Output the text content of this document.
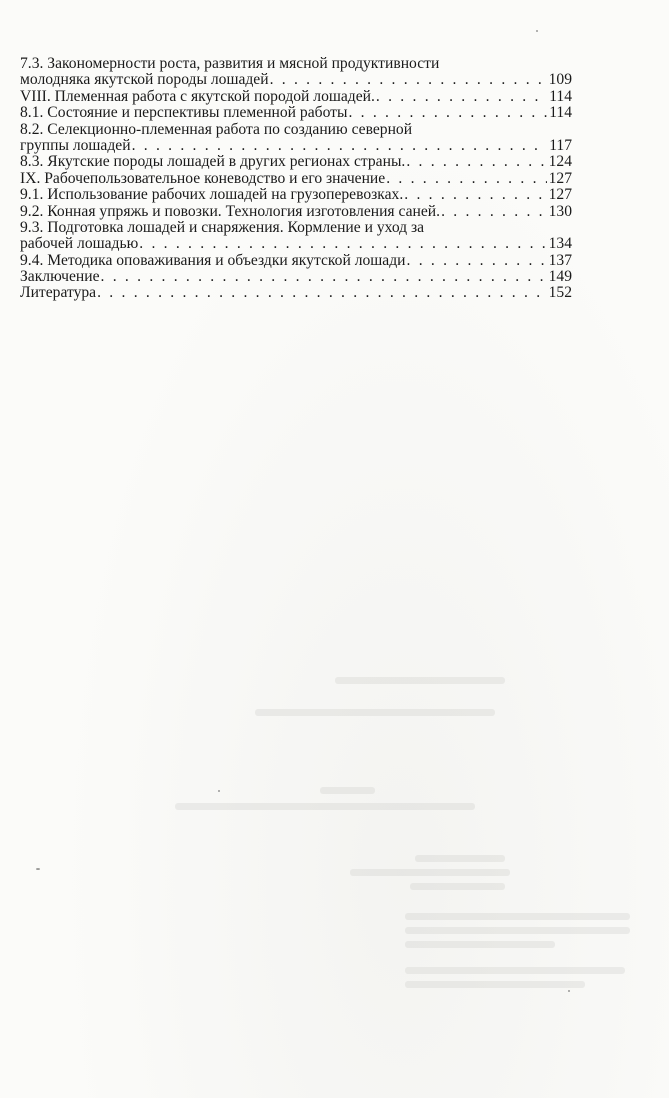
7.3. Закономерности роста, развития и мясной продуктивности
молодняка якутской породы лошадей . . .	109
VIII. Племенная работа с якутской породой лошадей. . . .	114
8.1. Состояние и перспективы племенной работы . . .	114
8.2. Селекционно-племенная работа по созданию северной
группы лошадей . . .	117
8.3. Якутские породы лошадей в других регионах страны. . . .	124
IX. Рабочепользовательное коневодство и его значение . . .	127
9.1. Использование рабочих лошадей на грузоперевозках. . . .	127
9.2. Конная упряжь и повозки. Технология изготовления саней. . . .	130
9.3. Подготовка лошадей и снаряжения. Кормление и уход за
рабочей лошадью . . .	134
9.4. Методика оповаживания и объездки якутской лошади . . .	137
Заключение . . .	149
Литература . . .	152
